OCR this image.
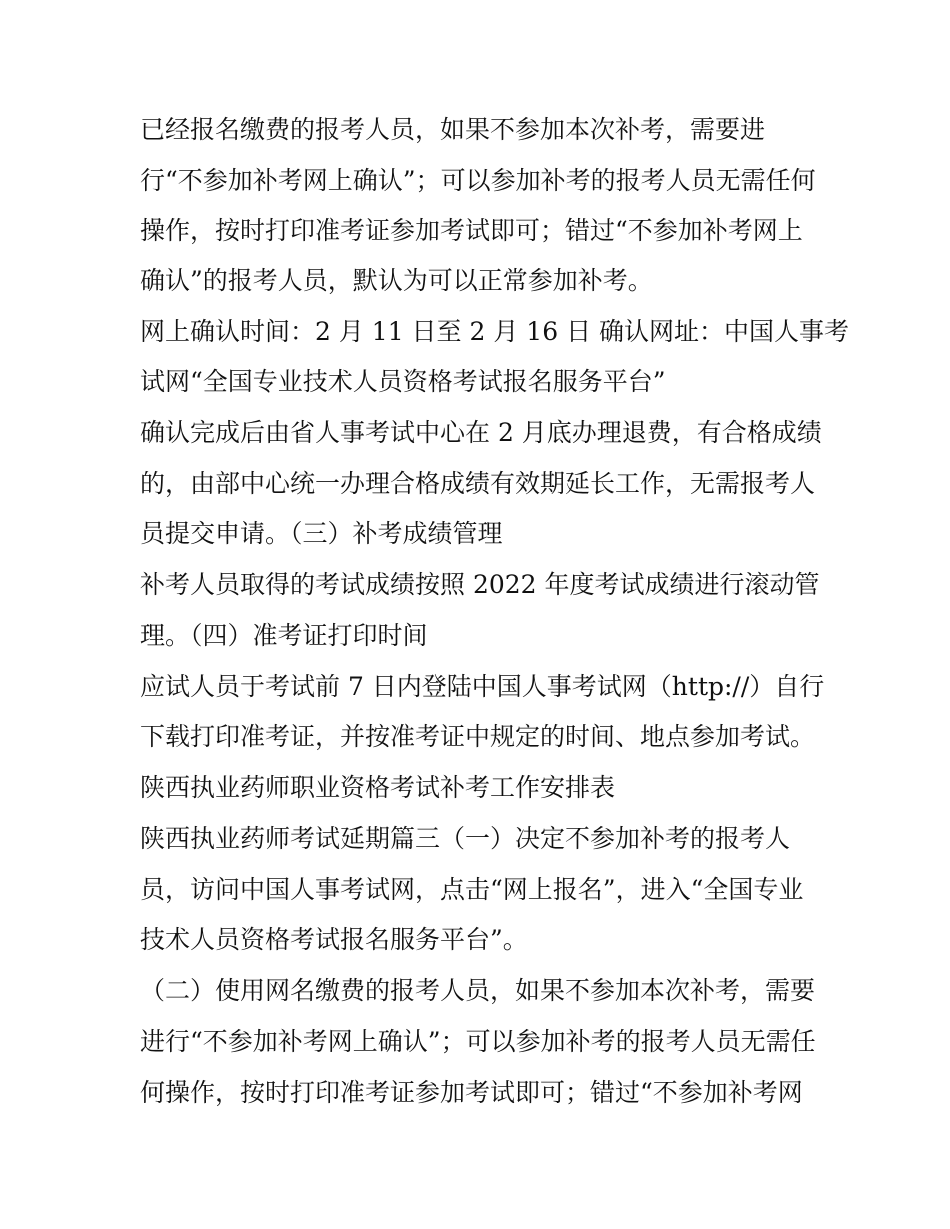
已经报名缴费的报考人员，如果不参加本次补考，需要进
行“不参加补考网上确认”；可以参加补考的报考人员无需任何
操作，按时打印准考证参加考试即可；错过“不参加补考网上
确认”的报考人员，默认为可以正常参加补考。
网上确认时间：2 月 11 日至 2 月 16 日 确认网址：中国人事考
试网“全国专业技术人员资格考试报名服务平台”
确认完成后由省人事考试中心在 2 月底办理退费，有合格成绩
的，由部中心统一办理合格成绩有效期延长工作，无需报考人
员提交申请。（三）补考成绩管理
补考人员取得的考试成绩按照 2022 年度考试成绩进行滚动管
理。（四）准考证打印时间
应试人员于考试前 7 日内登陆中国人事考试网（http://）自行
下载打印准考证，并按准考证中规定的时间、地点参加考试。
陕西执业药师职业资格考试补考工作安排表
陕西执业药师考试延期篇三（一）决定不参加补考的报考人
员，访问中国人事考试网，点击“网上报名”，进入“全国专业
技术人员资格考试报名服务平台”。
（二）使用网名缴费的报考人员，如果不参加本次补考，需要
进行“不参加补考网上确认”；可以参加补考的报考人员无需任
何操作，按时打印准考证参加考试即可；错过“不参加补考网
